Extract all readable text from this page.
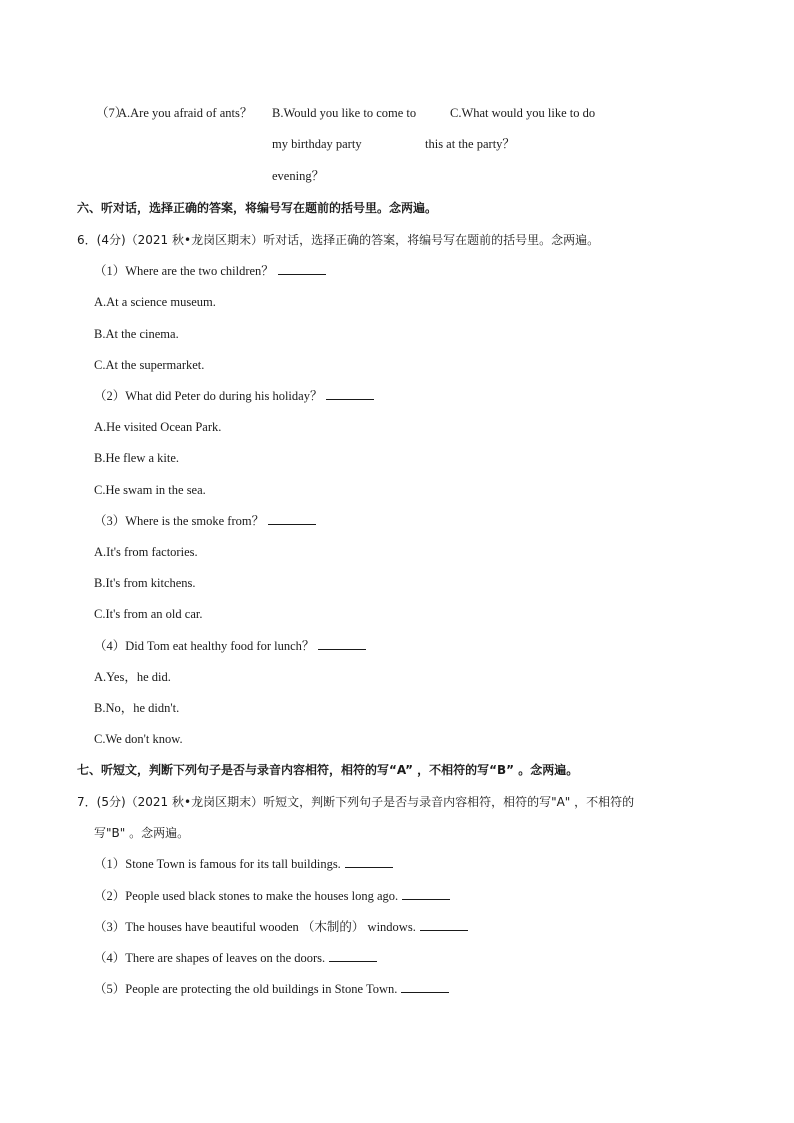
（7）
A.Are you afraid of ants？ B.Would you like to come to	C.What would you like to do
my birthday party	this at the party？
evening？
六、听对话，选择正确的答案，将编号写在题前的括号里。念两遍。
6．(4分)（2021 秋•龙岗区期末）听对话，选择正确的答案，将编号写在题前的括号里。念两遍。
（1）Where are the two children？
A.At a science museum.
B.At the cinema.
C.At the supermarket.
（2）What did Peter do during his holiday？
A.He visited Ocean Park.
B.He flew a kite.
C.He swam in the sea.
（3）Where is the smoke from？
A.It's from factories.
B.It's from kitchens.
C.It's from an old car.
（4）Did Tom eat healthy food for lunch？
A.Yes，he did.
B.No，he didn't.
C.We don't know.
七、听短文，判断下列句子是否与录音内容相符，相符的写“A” ，不相符的写“B” 。念两遍。
7．(5分)（2021 秋•龙岗区期末）听短文，判断下列句子是否与录音内容相符，相符的写"A" ，不相符的
写"B" 。念两遍。
（1）Stone Town is famous for its tall buildings.
（2）People used black stones to make the houses long ago.
（3）The houses have beautiful wooden （木制的） windows.
（4）There are shapes of leaves on the doors.
（5）People are protecting the old buildings in Stone Town.
